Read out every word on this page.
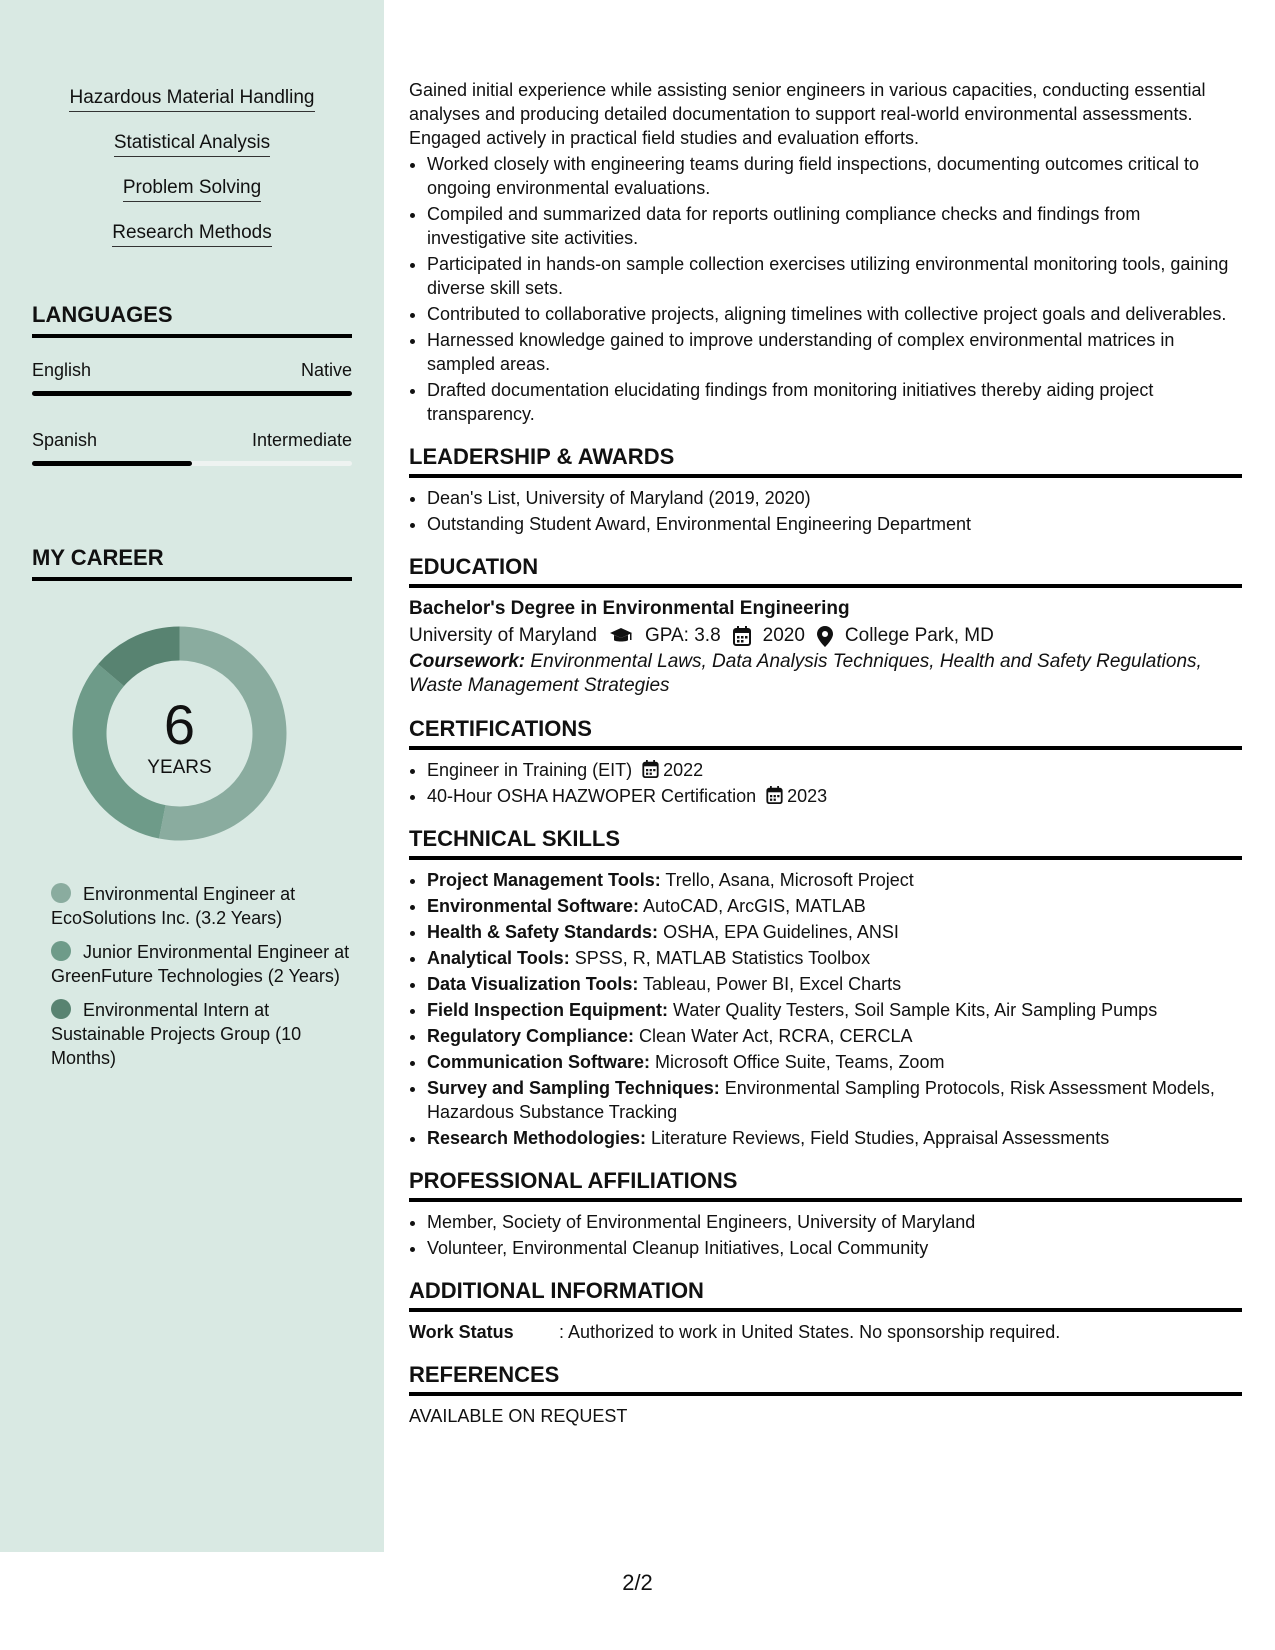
Hazardous Material Handling
Statistical Analysis
Problem Solving
Research Methods
LANGUAGES
English	Native
Spanish	Intermediate
MY CAREER
6
YEARS
Environmental Engineer at EcoSolutions Inc. (3.2 Years)
Junior Environmental Engineer at GreenFuture Technologies (2 Years)
Environmental Intern at Sustainable Projects Group (10 Months)

Gained initial experience while assisting senior engineers in various capacities, conducting essential analyses and producing detailed documentation to support real-world environmental assessments. Engaged actively in practical field studies and evaluation efforts.

• Worked closely with engineering teams during field inspections, documenting outcomes critical to ongoing environmental evaluations.
• Compiled and summarized data for reports outlining compliance checks and findings from investigative site activities.
• Participated in hands-on sample collection exercises utilizing environmental monitoring tools, gaining diverse skill sets.
• Contributed to collaborative projects, aligning timelines with collective project goals and deliverables.
• Harnessed knowledge gained to improve understanding of complex environmental matrices in sampled areas.
• Drafted documentation elucidating findings from monitoring initiatives thereby aiding project transparency.
LEADERSHIP & AWARDS
• Dean's List, University of Maryland (2019, 2020)
• Outstanding Student Award, Environmental Engineering Department
EDUCATION

Bachelor's Degree in Environmental Engineering

University of Maryland	GPA: 3.8 2020 College Park, MD
Coursework: Environmental Laws, Data Analysis Techniques, Health and Safety Regulations, Waste Management Strategies
CERTIFICATIONS
• Engineer in Training (EIT) 2022
• 40-Hour OSHA HAZWOPER Certification 2023
TECHNICAL SKILLS
• Project Management Tools: Trello, Asana, Microsoft Project
• Environmental Software: AutoCAD, ArcGIS, MATLAB
• Health & Safety Standards: OSHA, EPA Guidelines, ANSI
• Analytical Tools: SPSS, R, MATLAB Statistics Toolbox
• Data Visualization Tools: Tableau, Power BI, Excel Charts
• Field Inspection Equipment: Water Quality Testers, Soil Sample Kits, Air Sampling Pumps
• Regulatory Compliance: Clean Water Act, RCRA, CERCLA
• Communication Software: Microsoft Office Suite, Teams, Zoom
• Survey and Sampling Techniques: Environmental Sampling Protocols, Risk Assessment Models, Hazardous Substance Tracking
• Research Methodologies: Literature Reviews, Field Studies, Appraisal Assessments
PROFESSIONAL AFFILIATIONS
• Member, Society of Environmental Engineers, University of Maryland
• Volunteer, Environmental Cleanup Initiatives, Local Community
ADDITIONAL INFORMATION
Work Status	: Authorized to work in United States. No sponsorship required.
REFERENCES

AVAILABLE ON REQUEST

2/2
